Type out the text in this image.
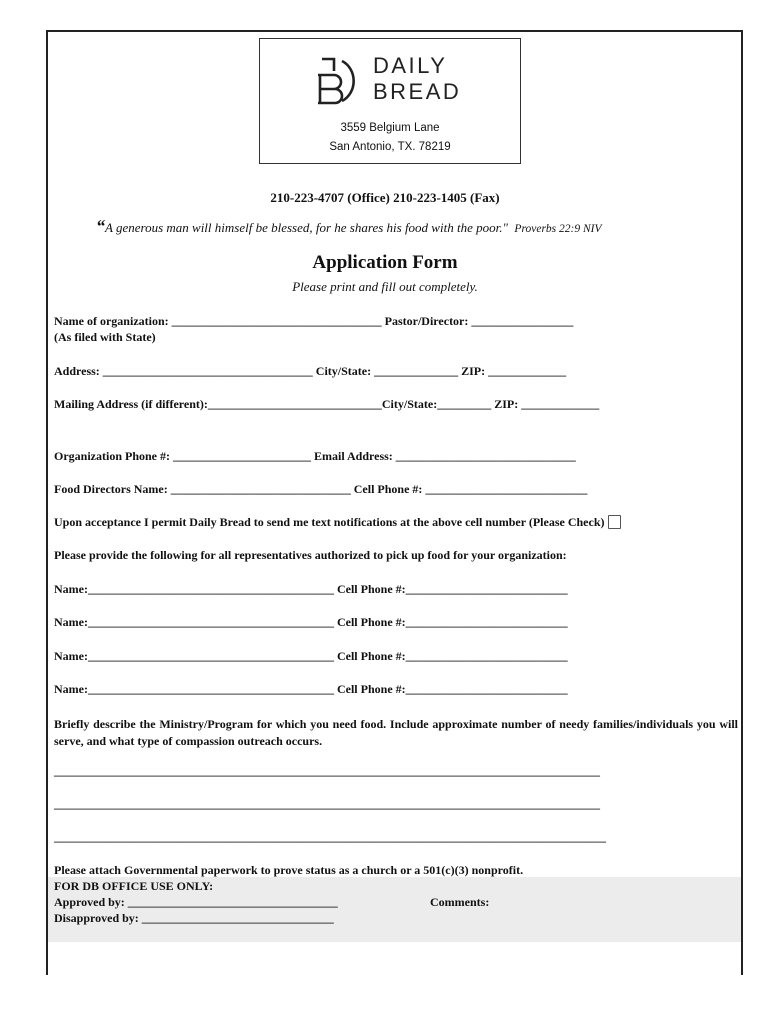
DAILY
BREAD
3559 Belgium Lane
San Antonio, TX. 78219
210-223-4707 (Office) 210-223-1405 (Fax)
“A generous man will himself be blessed, for he shares his food with the poor." Proverbs 22:9 NIV
Application Form
Please print and fill out completely.
Name of organization: ___________________________________ Pastor/Director: _________________
(As filed with State)
Address: ___________________________________ City/State: ______________ ZIP: _____________
Mailing Address (if different):_____________________________City/State:_________ ZIP: _____________
Organization Phone #: _______________________ Email Address: ______________________________
Food Directors Name: ______________________________ Cell Phone #: ___________________________
Upon acceptance I permit Daily Bread to send me text notifications at the above cell number (Please Check)
Please provide the following for all representatives authorized to pick up food for your organization:
Name:_________________________________________ Cell Phone #:___________________________
Name:_________________________________________ Cell Phone #:___________________________
Name:_________________________________________ Cell Phone #:___________________________
Name:_________________________________________ Cell Phone #:___________________________
Briefly describe the Ministry/Program for which you need food. Include approximate number of needy families/individuals you will serve, and what type of compassion outreach occurs.
___________________________________________________________________________________________
___________________________________________________________________________________________
____________________________________________________________________________________________
Please attach Governmental paperwork to prove status as a church or a 501(c)(3) nonprofit.
FOR DB OFFICE USE ONLY:
Approved by: ___________________________________	Comments:
Disapproved by: ________________________________
